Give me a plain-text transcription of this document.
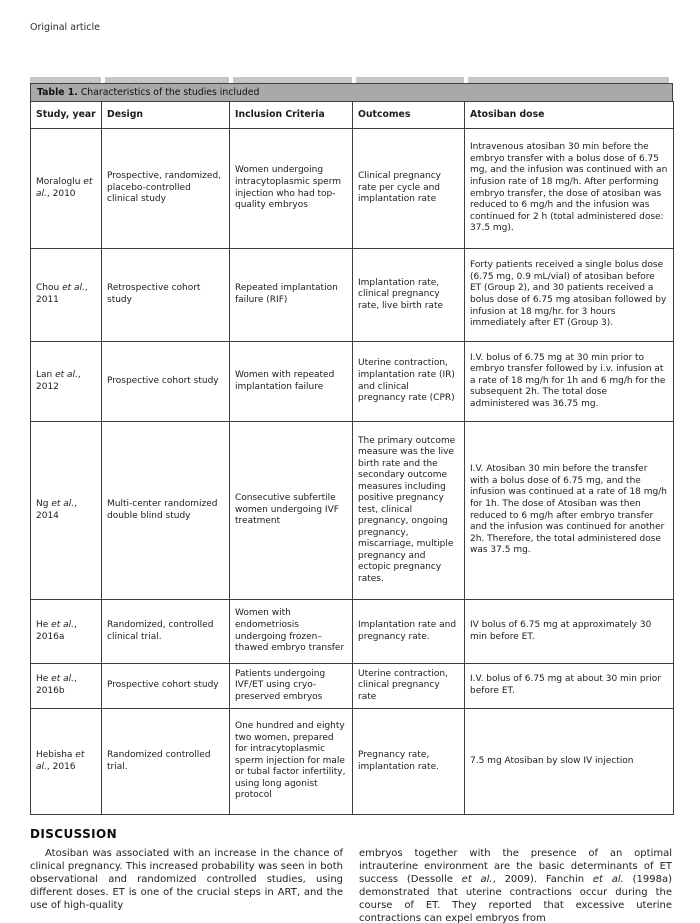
Original article
Table 1. Characteristics of the studies included
Study, year	Design	Inclusion Criteria	Outcomes	Atosiban dose
Moraloglu et al., 2010	Prospective, randomized, placebo-controlled clinical study	Women undergoing intracytoplasmic sperm injection who had top-quality embryos	Clinical pregnancy rate per cycle and implantation rate	Intravenous atosiban 30 min before the embryo transfer with a bolus dose of 6.75 mg, and the infusion was continued with an infusion rate of 18 mg/h. After performing embryo transfer, the dose of atosiban was reduced to 6 mg/h and the infusion was continued for 2 h (total administered dose: 37.5 mg).
Chou et al., 2011	Retrospective cohort study	Repeated implantation failure (RIF)	Implantation rate, clinical pregnancy rate, live birth rate	Forty patients received a single bolus dose (6.75 mg, 0.9 mL/vial) of atosiban before ET (Group 2), and 30 patients received a bolus dose of 6.75 mg atosiban followed by infusion at 18 mg/hr. for 3 hours immediately after ET (Group 3).
Lan et al., 2012	Prospective cohort study	Women with repeated implantation failure	Uterine contraction, implantation rate (IR) and clinical pregnancy rate (CPR)	I.V. bolus of 6.75 mg at 30 min prior to embryo transfer followed by i.v. infusion at a rate of 18 mg/h for 1h and 6 mg/h for the subsequent 2h. The total dose administered was 36.75 mg.
Ng et al., 2014	Multi-center randomized double blind study	Consecutive subfertile women undergoing IVF treatment	The primary outcome measure was the live birth rate and the secondary outcome measures including positive pregnancy test, clinical pregnancy, ongoing pregnancy, miscarriage, multiple pregnancy and ectopic pregnancy rates.	I.V. Atosiban 30 min before the transfer with a bolus dose of 6.75 mg, and the infusion was continued at a rate of 18 mg/h for 1h. The dose of Atosiban was then reduced to 6 mg/h after embryo transfer and the infusion was continued for another 2h. Therefore, the total administered dose was 37.5 mg.
He et al., 2016a	Randomized, controlled clinical trial.	Women with endometriosis undergoing frozen–thawed embryo transfer	Implantation rate and pregnancy rate.	IV bolus of 6.75 mg at approximately 30 min before ET.
He et al., 2016b	Prospective cohort study	Patients undergoing IVF/ET using cryo-preserved embryos	Uterine contraction, clinical pregnancy rate	I.V. bolus of 6.75 mg at about 30 min prior before ET.
Hebisha et al., 2016	Randomized controlled trial.	One hundred and eighty two women, prepared for intracytoplasmic sperm injection for male or tubal factor infertility, using long agonist protocol	Pregnancy rate, implantation rate.	7.5 mg Atosiban by slow IV injection
DISCUSSION

Atosiban was associated with an increase in the chance of clinical pregnancy. This increased probability was seen in both observational and randomized controlled studies, using different doses. ET is one of the crucial steps in ART, and the use of high-quality

embryos together with the presence of an optimal intrauterine environment are the basic determinants of ET success (Dessolle et al., 2009). Fanchin et al. (1998a) demonstrated that uterine contractions occur during the course of ET. They reported that excessive uterine contractions can expel embryos from
